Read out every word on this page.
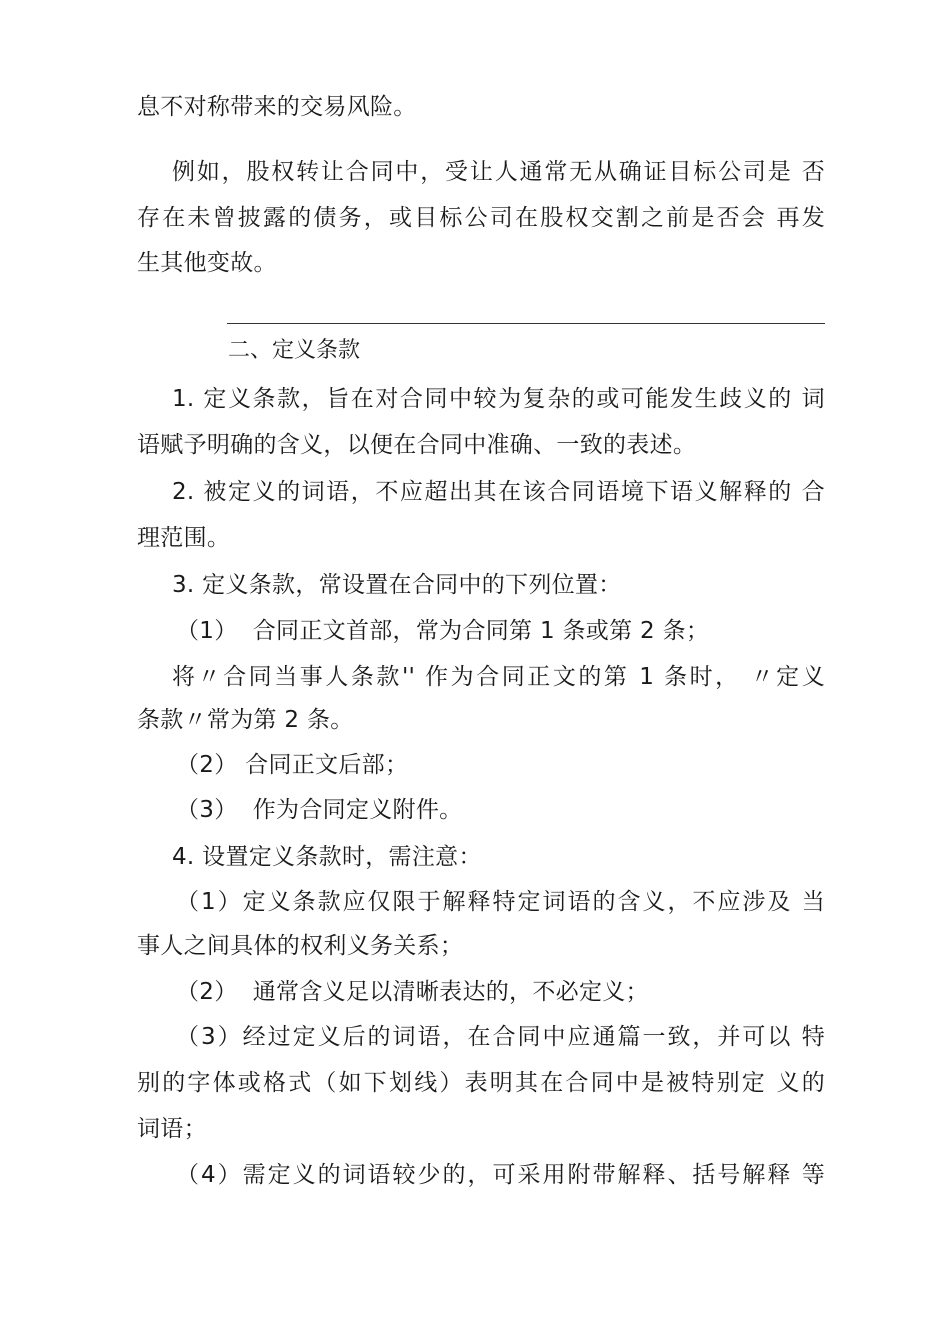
息不对称带来的交易风险。
例如，股权转让合同中，受让人通常无从确证目标公司是 否
存在未曾披露的债务，或目标公司在股权交割之前是否会 再发
生其他变故。
二、定义条款
1. 定义条款，旨在对合同中较为复杂的或可能发生歧义的 词
语赋予明确的含义，以便在合同中准确、一致的表述。
2. 被定义的词语，不应超出其在该合同语境下语义解释的 合
理范围。
3. 定义条款，常设置在合同中的下列位置：
（1）  合同正文首部，常为合同第 1 条或第 2 条；
将〃合同当事人条款'' 作为合同正文的第 1 条时， 〃定义
条款〃常为第 2 条。
（2） 合同正文后部；
（3）  作为合同定义附件。
4. 设置定义条款时，需注意：
（1）定义条款应仅限于解释特定词语的含义，不应涉及 当
事人之间具体的权利义务关系；
（2）  通常含义足以清晰表达的，不必定义；
（3）经过定义后的词语，在合同中应通篇一致，并可以 特
别的字体或格式（如下划线）表明其在合同中是被特别定 义的
词语；
（4）需定义的词语较少的，可采用附带解释、括号解释 等
